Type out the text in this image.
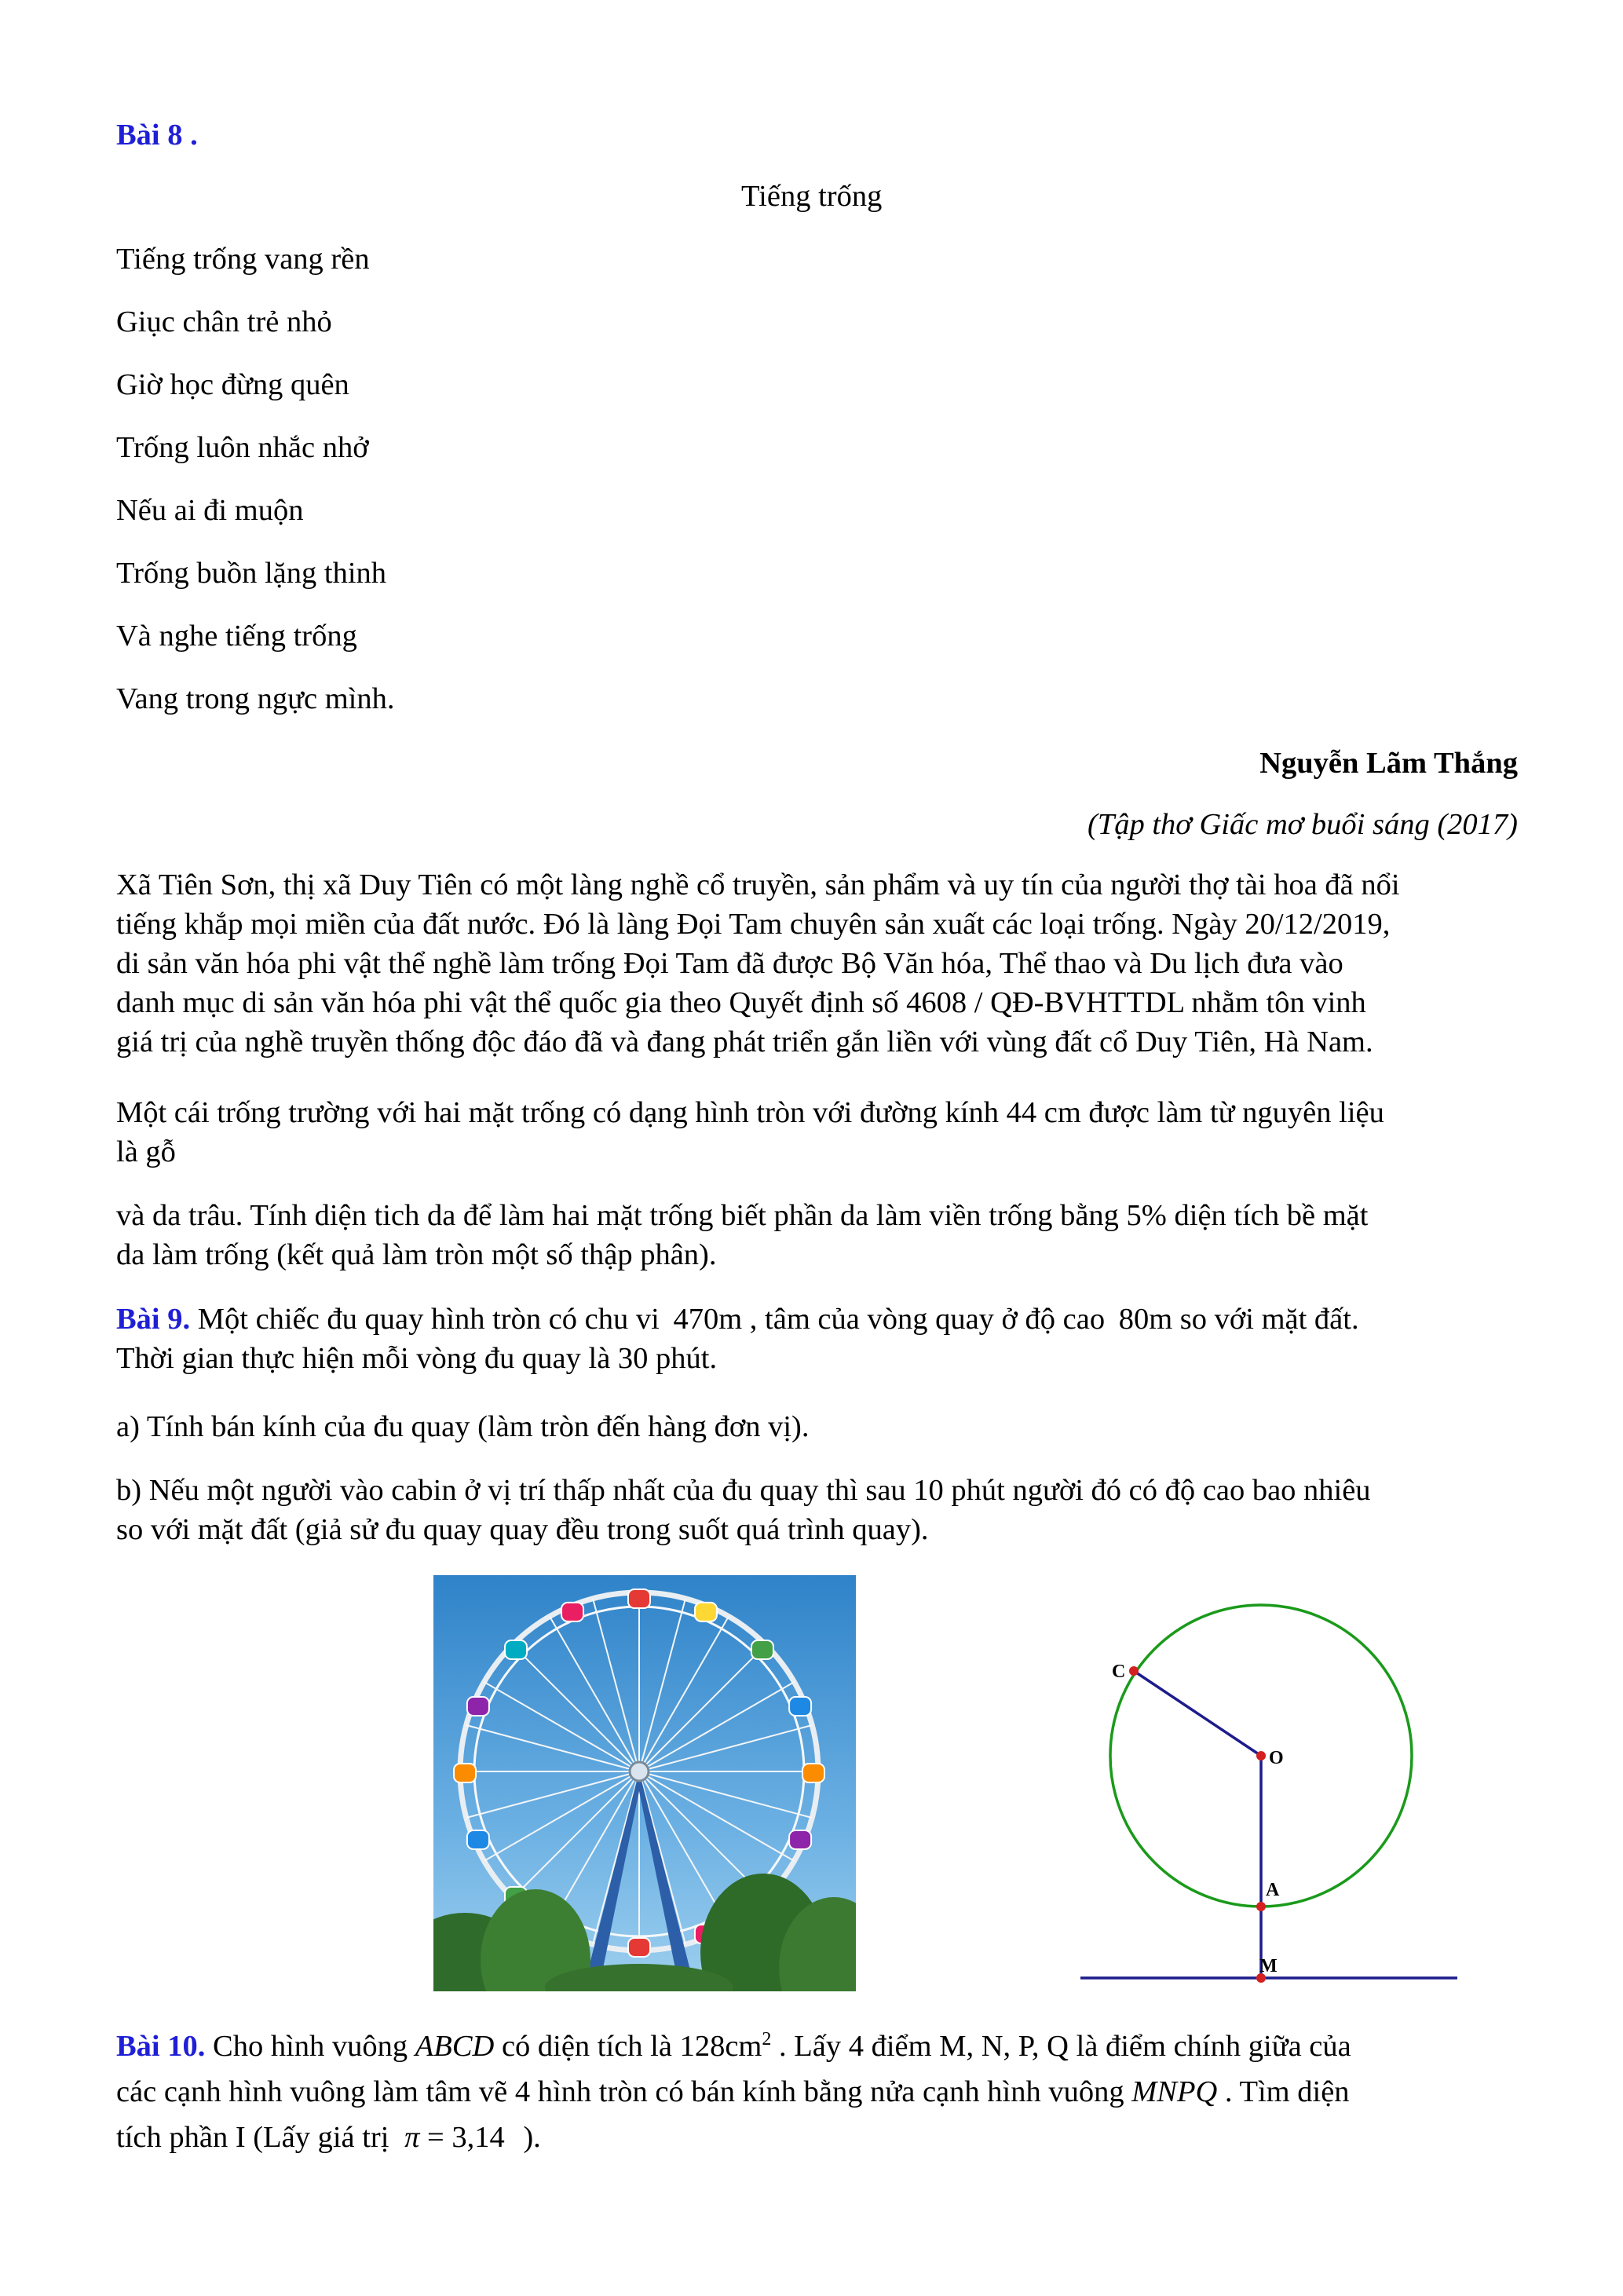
Bài 8 .
Tiếng trống
Tiếng trống vang rền
Giục chân trẻ nhỏ
Giờ học đừng quên
Trống luôn nhắc nhở
Nếu ai đi muộn
Trống buồn lặng thinh
Và nghe tiếng trống
Vang trong ngực mình.
Nguyễn Lãm Thắng
(Tập thơ Giấc mơ buổi sáng (2017)
Xã Tiên Sơn, thị xã Duy Tiên có một làng nghề cổ truyền, sản phẩm và uy tín của người thợ tài hoa đã nổi
tiếng khắp mọi miền của đất nước. Đó là làng Đọi Tam chuyên sản xuất các loại trống. Ngày 20/12/2019,
di sản văn hóa phi vật thể nghề làm trống Đọi Tam đã được Bộ Văn hóa, Thể thao và Du lịch đưa vào
danh mục di sản văn hóa phi vật thể quốc gia theo Quyết định số 4608 / QĐ-BVHTTDL nhằm tôn vinh
giá trị của nghề truyền thống độc đáo đã và đang phát triển gắn liền với vùng đất cổ Duy Tiên, Hà Nam.
Một cái trống trường với hai mặt trống có dạng hình tròn với đường kính 44 cm được làm từ nguyên liệu
là gỗ
và da trâu. Tính diện tich da để làm hai mặt trống biết phần da làm viền trống bằng 5% diện tích bề mặt
da làm trống (kết quả làm tròn một số thập phân).
Bài 9. Một chiếc đu quay hình tròn có chu vi 470m , tâm của vòng quay ở độ cao 80m so với mặt đất.
Thời gian thực hiện mỗi vòng đu quay là 30 phút.
a) Tính bán kính của đu quay (làm tròn đến hàng đơn vị).
b) Nếu một người vào cabin ở vị trí thấp nhất của đu quay thì sau 10 phút người đó có độ cao bao nhiêu
so với mặt đất (giả sử đu quay quay đều trong suốt quá trình quay).
Bài 10. Cho hình vuông ABCD có diện tích là $128cm^2$ . Lấy 4 điểm M, N, P, Q là điểm chính giữa của
các cạnh hình vuông làm tâm vẽ 4 hình tròn có bán kính bằng nửa cạnh hình vuông MNPQ . Tìm diện
tích phần I (Lấy giá trị π = 3,14 ).
C
O
A
M
